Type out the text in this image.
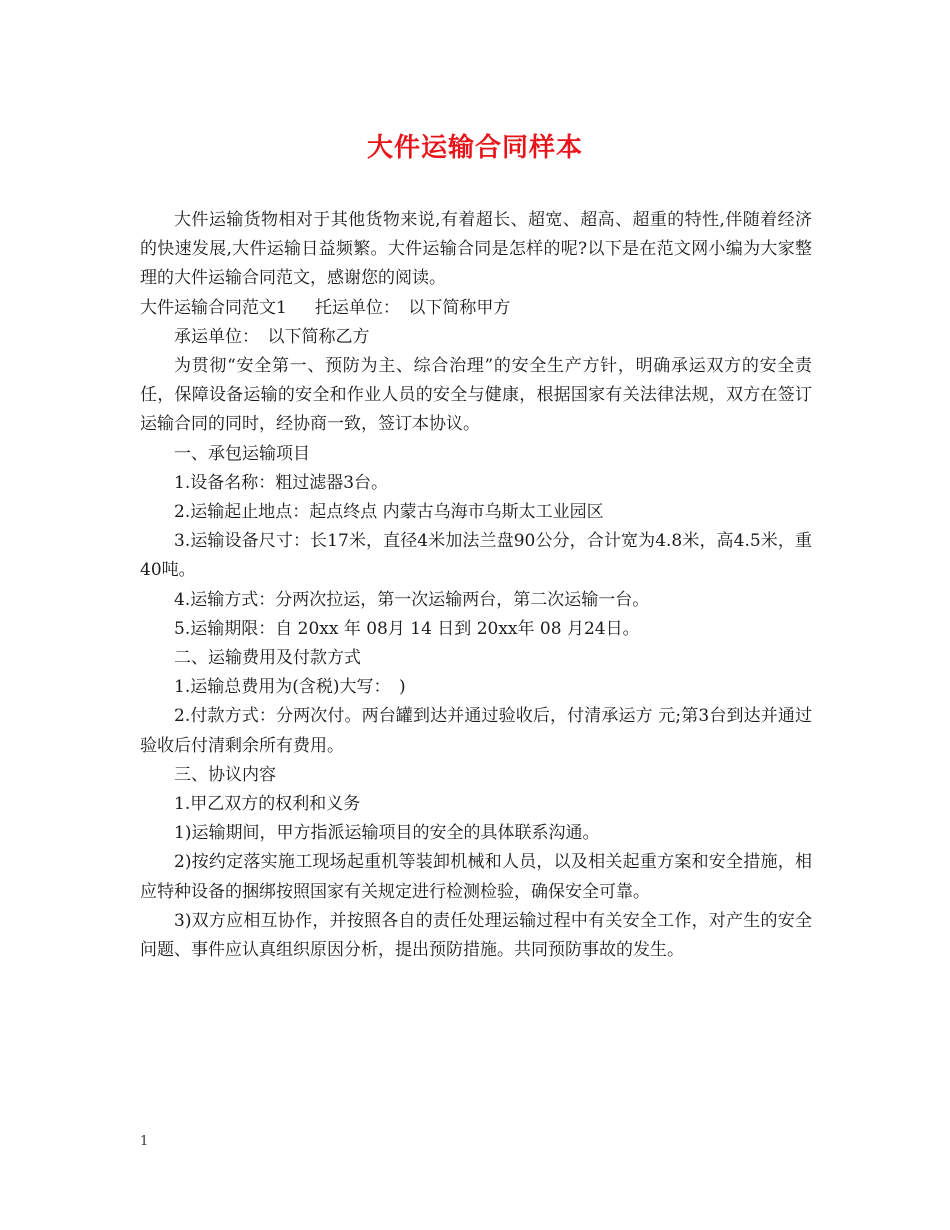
大件运输合同样本

大件运输货物相对于其他货物来说,有着超长、超宽、超高、超重的特性,伴随着经济的快速发展,大件运输日益频繁。大件运输合同是怎样的呢?以下是在范文网小编为大家整理的大件运输合同范文，感谢您的阅读。

大件运输合同范文1 托运单位：　以下简称甲方

承运单位：　以下简称乙方

为贯彻“安全第一、预防为主、综合治理”的安全生产方针，明确承运双方的安全责任，保障设备运输的安全和作业人员的安全与健康，根据国家有关法律法规，双方在签订运输合同的同时，经协商一致，签订本协议。

一、承包运输项目

1.设备名称：粗过滤器3台。

2.运输起止地点：起点终点 内蒙古乌海市乌斯太工业园区

3.运输设备尺寸：长17米，直径4米加法兰盘90公分，合计宽为4.8米，高4.5米，重40吨。

4.运输方式：分两次拉运，第一次运输两台，第二次运输一台。

5.运输期限：自 20xx 年 08月 14 日到 20xx年 08 月24日。

二、运输费用及付款方式

1.运输总费用为(含税)大写：　)

2.付款方式：分两次付。两台罐到达并通过验收后，付清承运方 元;第3台到达并通过验收后付清剩余所有费用。

三、协议内容

1.甲乙双方的权利和义务

1)运输期间，甲方指派运输项目的安全的具体联系沟通。

2)按约定落实施工现场起重机等装卸机械和人员，以及相关起重方案和安全措施，相应特种设备的捆绑按照国家有关规定进行检测检验，确保安全可靠。

3)双方应相互协作，并按照各自的责任处理运输过程中有关安全工作，对产生的安全问题、事件应认真组织原因分析，提出预防措施。共同预防事故的发生。

1
